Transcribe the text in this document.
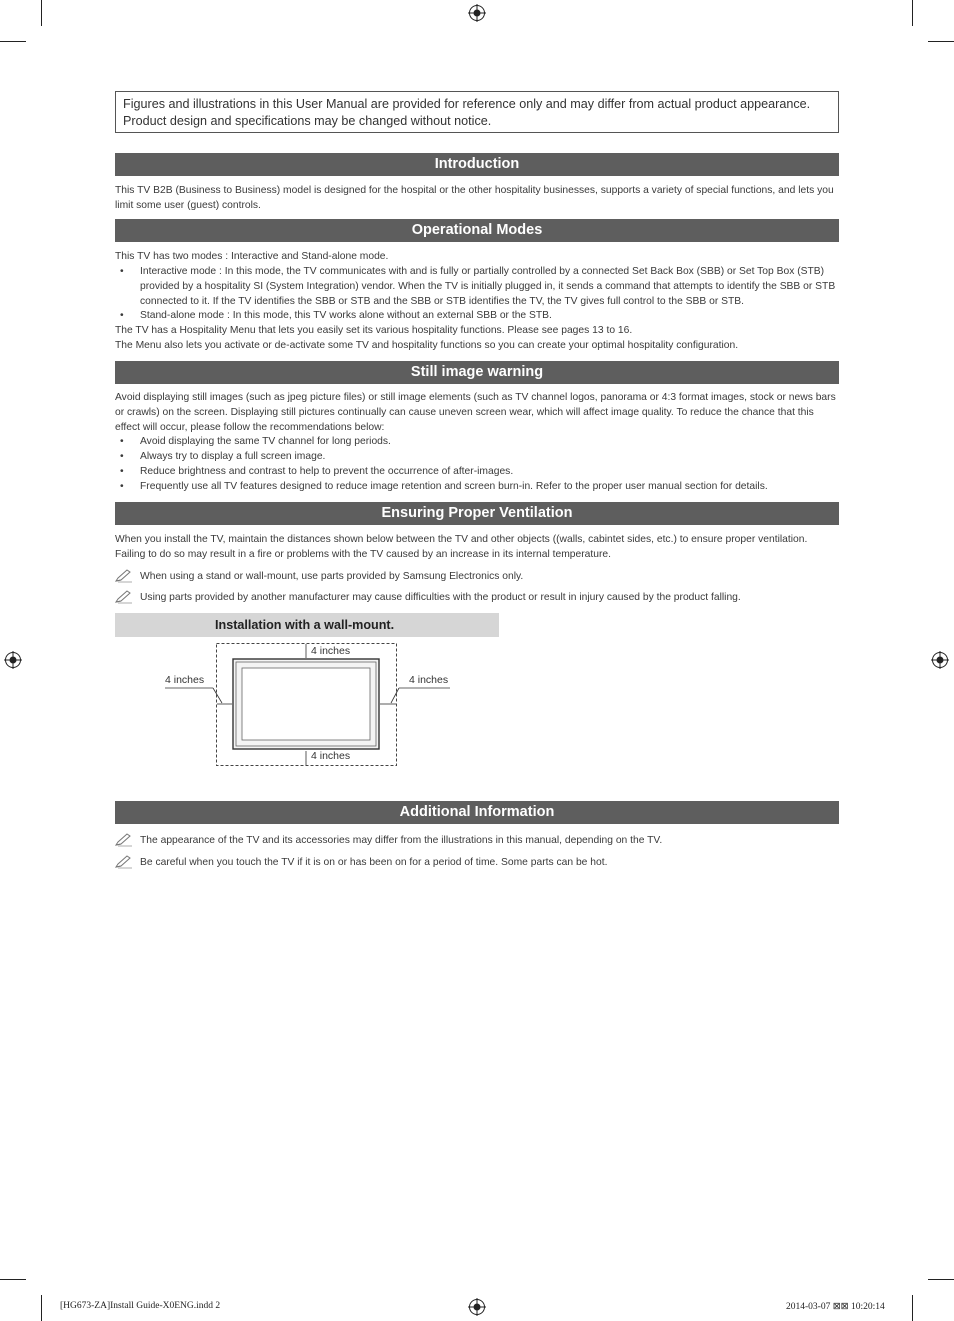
Figures and illustrations in this User Manual are provided for reference only and may differ from actual product appearance. Product design and specifications may be changed without notice.
Introduction

This TV B2B (Business to Business) model is designed for the hospital or the other hospitality businesses, supports a variety of special functions, and lets you limit some user (guest) controls.

Operational Modes

This TV has two modes : Interactive and Stand-alone mode.

• Interactive mode : In this mode, the TV communicates with and is fully or partially controlled by a connected Set Back Box (SBB) or Set Top Box (STB) provided by a hospitality SI (System Integration) vendor. When the TV is initially plugged in, it sends a command that attempts to identify the SBB or STB connected to it. If the TV identifies the SBB or STB and the SBB or STB identifies the TV, the TV gives full control to the SBB or STB.
• Stand-alone mode : In this mode, this TV works alone without an external SBB or the STB.

The TV has a Hospitality Menu that lets you easily set its various hospitality functions. Please see pages 13 to 16.

The Menu also lets you activate or de-activate some TV and hospitality functions so you can create your optimal hospitality configuration.

Still image warning

Avoid displaying still images (such as jpeg picture files) or still image elements (such as TV channel logos, panorama or 4:3 format images, stock or news bars or crawls) on the screen. Displaying still pictures continually can cause uneven screen wear, which will affect image quality. To reduce the chance that this effect will occur, please follow the recommendations below:

• Avoid displaying the same TV channel for long periods.
• Always try to display a full screen image.
• Reduce brightness and contrast to help to prevent the occurrence of after-images.
• Frequently use all TV features designed to reduce image retention and screen burn-in. Refer to the proper user manual section for details.
Ensuring Proper Ventilation

When you install the TV, maintain the distances shown below between the TV and other objects ((walls, cabintet sides, etc.) to ensure proper ventilation. Failing to do so may result in a fire or problems with the TV caused by an increase in its internal temperature.

When using a stand or wall-mount, use parts provided by Samsung Electronics only.
Using parts provided by another manufacturer may cause difficulties with the product or result in injury caused by the product falling.
Installation with a wall-mount.
4 inches
4 inches	4 inches
4 inches
Additional Information
The appearance of the TV and its accessories may differ from the illustrations in this manual, depending on the TV.
Be careful when you touch the TV if it is on or has been on for a period of time. Some parts can be hot.
[HG673-ZA]Install Guide-X0ENG.indd 2	2014-03-07 ⊠⊠ 10:20:14
